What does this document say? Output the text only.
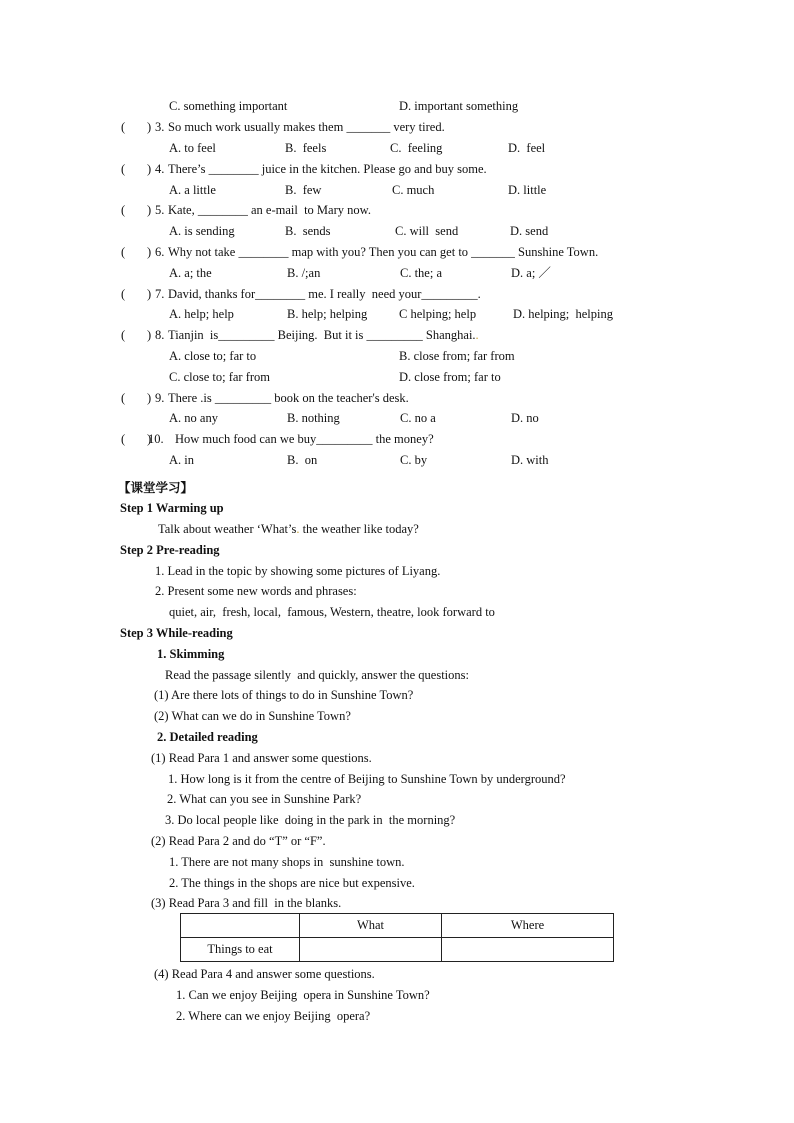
C. something important	D. important something
(       ) 3. So much work usually makes them _______ very tired.
A. to feel	B.  feels	C.  feeling	D.  feel
(       ) 4. There’s ________ juice in the kitchen. Please go and buy some.
A. a little	B.  few	C. much	D. little
(       ) 5. Kate, ________ an e-mail  to Mary now.
A. is sending	B.  sends	C. will  send	D. send
(       ) 6. Why not take ________ map with you? Then you can get to _______ Sunshine Town.
A. a; the	B. /;an	C. the; a	D. a; ／
(       ) 7. David, thanks for________ me. I really  need your_________.
A. help; help	B. help; helping	C helping; help	D. helping;  helping
(       ) 8. Tianjin  is_________ Beijing.  But it is _________ Shanghai..
A. close to; far to	B. close from; far from
C. close to; far from	D. close from; far to
(       ) 9. There .is _________ book on the teacher's desk.
A. no any	B. nothing	C. no a	D. no
(       )
10. How much food can we buy_________ the money?
A. in	B.  on	C. by	D. with
【课堂学习】
Step 1 Warming up
Talk about weather ‘What’s. the weather like today?
Step 2 Pre-reading
1. Lead in the topic by showing some pictures of Liyang.
2. Present some new words and phrases:
quiet, air,  fresh, local,  famous, Western, theatre, look forward to
Step 3 While-reading
1. Skimming
Read the passage silently  and quickly, answer the questions:
(1) Are there lots of things to do in Sunshine Town?
(2) What can we do in Sunshine Town?
2. Detailed reading
(1) Read Para 1 and answer some questions.
1. How long is it from the centre of Beijing to Sunshine Town by underground?
2. What can you see in Sunshine Park?
3. Do local people like  doing in the park in  the morning?
(2) Read Para 2 and do “T” or “F”.
1. There are not many shops in  sunshine town.
2. The things in the shops are nice but expensive.
(3) Read Para 3 and fill  in the blanks.
	What	Where
Things to eat		
(4) Read Para 4 and answer some questions.
1. Can we enjoy Beijing  opera in Sunshine Town?
2. Where can we enjoy Beijing  opera?
